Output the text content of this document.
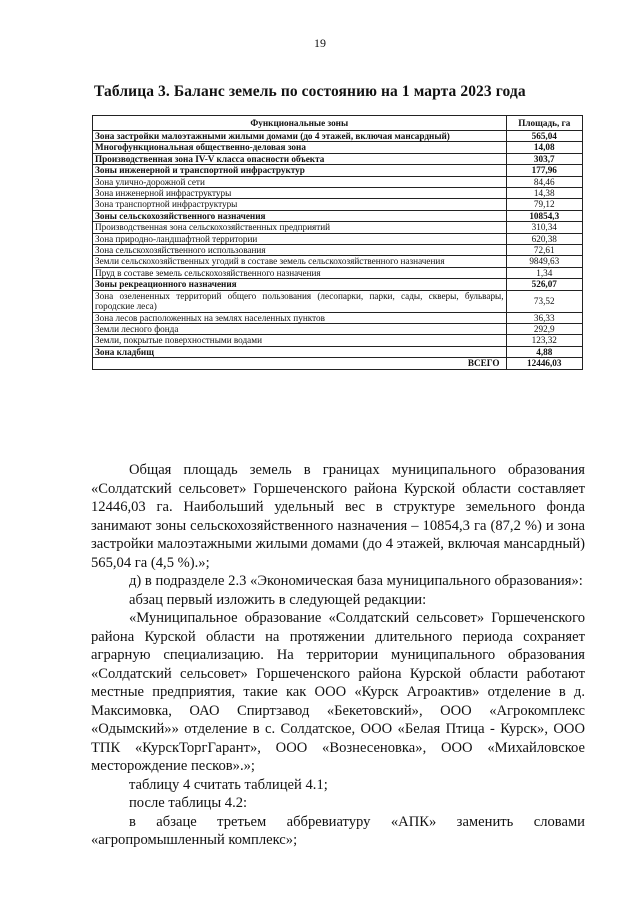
19
Таблица 3. Баланс земель по состоянию на 1 марта 2023 года
Функциональные зоны	Площадь, га
Зона застройки малоэтажными жилыми домами (до 4 этажей, включая мансардный)	565,04
Многофункциональная общественно-деловая зона	14,08
Производственная зона IV-V класса опасности объекта	303,7
Зоны инженерной и транспортной инфраструктур	177,96
Зона улично-дорожной сети	84,46
Зона инженерной инфраструктуры	14,38
Зона транспортной инфраструктуры	79,12
Зоны сельскохозяйственного назначения	10854,3
Производственная зона сельскохозяйственных предприятий	310,34
Зона природно-ландшафтной территории	620,38
Зона сельскохозяйственного использования	72,61
Земли сельскохозяйственных угодий в составе земель сельскохозяйственного назначения	9849,63
Пруд в составе земель сельскохозяйственного назначения	1,34
Зоны рекреационного назначения	526,07
Зона озелененных территорий общего пользования (лесопарки, парки, сады, скверы, бульвары, городские леса)	73,52
Зона лесов расположенных на землях населенных пунктов	36,33
Земли лесного фонда	292,9
Земли, покрытые поверхностными водами	123,32
Зона кладбищ	4,88
ВСЕГО	12446,03

Общая площадь земель в границах муниципального образования «Солдатский сельсовет» Горшеченского района Курской области составляет 12446,03 га. Наибольший удельный вес в структуре земельного фонда занимают зоны сельскохозяйственного назначения – 10854,3 га (87,2 %) и зона застройки малоэтажными жилыми домами (до 4 этажей, включая мансардный) 565,04 га (4,5 %).»;

д) в подразделе 2.3 «Экономическая база муниципального образования»:

абзац первый изложить в следующей редакции:

«Муниципальное образование «Солдатский сельсовет» Горшеченского района Курской области на протяжении длительного периода сохраняет аграрную специализацию. На территории муниципального образования «Солдатский сельсовет» Горшеченского района Курской области работают местные предприятия, такие как ООО «Курск Агроактив» отделение в д. Максимовка, ОАО Спиртзавод «Бекетовский», ООО «Агрокомплекс «Одымский»» отделение в с. Солдатское, ООО «Белая Птица - Курск», ООО ТПК «КурскТоргГарант», ООО «Вознесеновка», ООО «Михайловское месторождение песков».»;

таблицу 4 считать таблицей 4.1;

после таблицы 4.2:

в абзаце третьем аббревиатуру «АПК» заменить словами «агропромышленный комплекс»;
